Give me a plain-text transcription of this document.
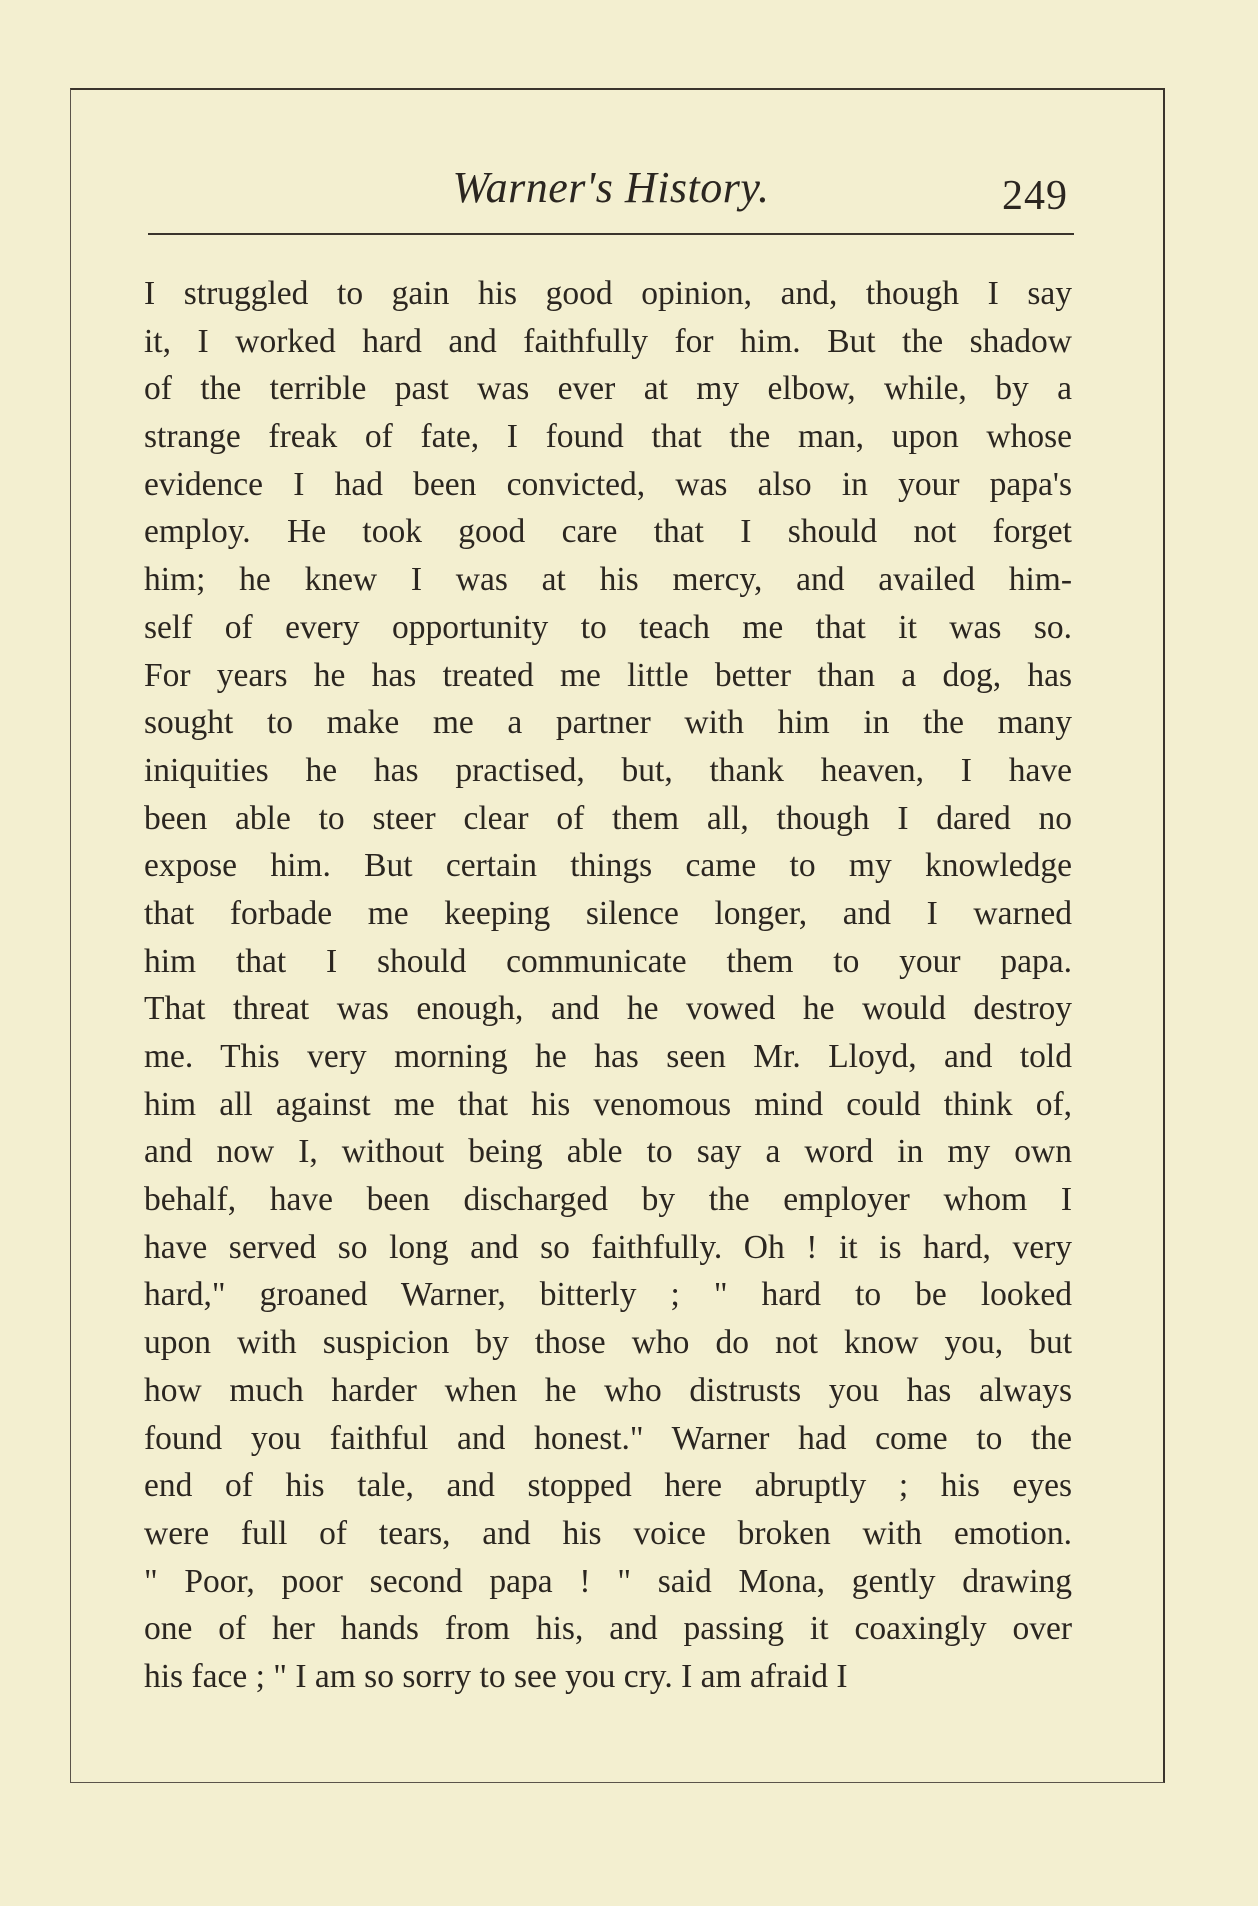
Warner's History.	249
I struggled to gain his good opinion, and, though I say
it, I worked hard and faithfully for him. But the shadow
of the terrible past was ever at my elbow, while, by a
strange freak of fate, I found that the man, upon whose
evidence I had been convicted, was also in your papa's
employ. He took good care that I should not forget
him; he knew I was at his mercy, and availed him-
self of every opportunity to teach me that it was so.
For years he has treated me little better than a dog, has
sought to make me a partner with him in the many
iniquities he has practised, but, thank heaven, I have
been able to steer clear of them all, though I dared no
expose him. But certain things came to my knowledge
that forbade me keeping silence longer, and I warned
him that I should communicate them to your papa.
That threat was enough, and he vowed he would destroy
me. This very morning he has seen Mr. Lloyd, and told
him all against me that his venomous mind could think of,
and now I, without being able to say a word in my own
behalf, have been discharged by the employer whom I
have served so long and so faithfully. Oh ! it is hard, very
hard," groaned Warner, bitterly ; " hard to be looked
upon with suspicion by those who do not know you, but
how much harder when he who distrusts you has always
found you faithful and honest." Warner had come to the
end of his tale, and stopped here abruptly ; his eyes
were full of tears, and his voice broken with emotion.
" Poor, poor second papa ! " said Mona, gently drawing
one of her hands from his, and passing it coaxingly over
his face ; " I am so sorry to see you cry. I am afraid I
